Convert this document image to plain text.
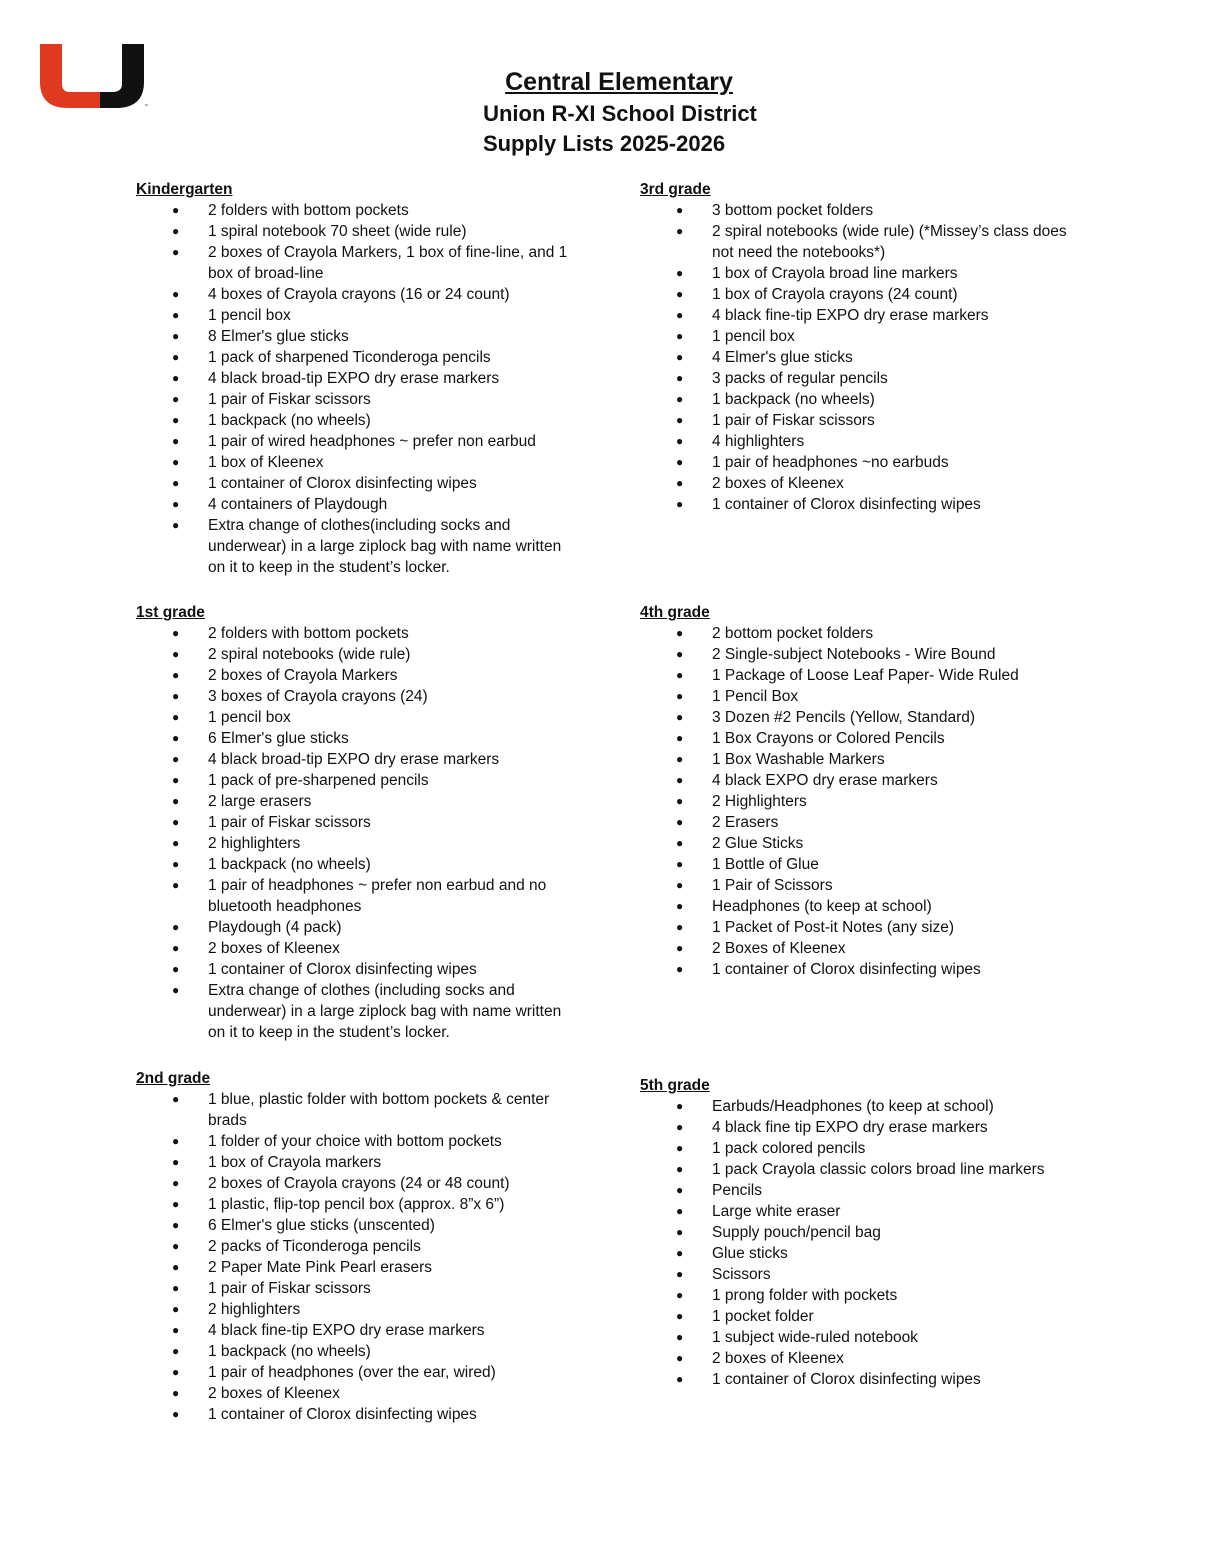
™
Central Elementary
Union R-XI School District
Supply Lists 2025-2026
Kindergarten
● 2 folders with bottom pockets
● 1 spiral notebook 70 sheet (wide rule)
● 2 boxes of Crayola Markers, 1 box of fine-line, and 1 box of broad-line
● 4 boxes of Crayola crayons (16 or 24 count)
● 1 pencil box
● 8 Elmer's glue sticks
● 1 pack of sharpened Ticonderoga pencils
● 4 black broad-tip EXPO dry erase markers
● 1 pair of Fiskar scissors
● 1 backpack (no wheels)
● 1 pair of wired headphones ~ prefer non earbud
● 1 box of Kleenex
● 1 container of Clorox disinfecting wipes
● 4 containers of Playdough
● Extra change of clothes(including socks and underwear) in a large ziplock bag with name written on it to keep in the student’s locker.
1st grade
● 2 folders with bottom pockets
● 2 spiral notebooks (wide rule)
● 2 boxes of Crayola Markers
● 3 boxes of Crayola crayons (24)
● 1 pencil box
● 6 Elmer's glue sticks
● 4 black broad-tip EXPO dry erase markers
● 1 pack of pre-sharpened pencils
● 2 large erasers
● 1 pair of Fiskar scissors
● 2 highlighters
● 1 backpack (no wheels)
● 1 pair of headphones ~ prefer non earbud and no bluetooth headphones
● Playdough (4 pack)
● 2 boxes of Kleenex
● 1 container of Clorox disinfecting wipes
● Extra change of clothes (including socks and underwear) in a large ziplock bag with name written on it to keep in the student’s locker.
2nd grade
● 1 blue, plastic folder with bottom pockets & center brads
● 1 folder of your choice with bottom pockets
● 1 box of Crayola markers
● 2 boxes of Crayola crayons (24 or 48 count)
● 1 plastic, flip-top pencil box (approx. 8”x 6”)
● 6 Elmer's glue sticks (unscented)
● 2 packs of Ticonderoga pencils
● 2 Paper Mate Pink Pearl erasers
● 1 pair of Fiskar scissors
● 2 highlighters
● 4 black fine-tip EXPO dry erase markers
● 1 backpack (no wheels)
● 1 pair of headphones (over the ear, wired)
● 2 boxes of Kleenex
● 1 container of Clorox disinfecting wipes
3rd grade
● 3 bottom pocket folders
● 2 spiral notebooks (wide rule) (*Missey’s class does not need the notebooks*)
● 1 box of Crayola broad line markers
● 1 box of Crayola crayons (24 count)
● 4 black fine-tip EXPO dry erase markers
● 1 pencil box
● 4 Elmer's glue sticks
● 3 packs of regular pencils
● 1 backpack (no wheels)
● 1 pair of Fiskar scissors
● 4 highlighters
● 1 pair of headphones ~no earbuds
● 2 boxes of Kleenex
● 1 container of Clorox disinfecting wipes
4th grade
● 2 bottom pocket folders
● 2 Single-subject Notebooks - Wire Bound
● 1 Package of Loose Leaf Paper- Wide Ruled
● 1 Pencil Box
● 3 Dozen #2 Pencils (Yellow, Standard)
● 1 Box Crayons or Colored Pencils
● 1 Box Washable Markers
● 4 black EXPO dry erase markers
● 2 Highlighters
● 2 Erasers
● 2 Glue Sticks
● 1 Bottle of Glue
● 1 Pair of Scissors
● Headphones (to keep at school)
● 1 Packet of Post-it Notes (any size)
● 2 Boxes of Kleenex
● 1 container of Clorox disinfecting wipes
5th grade
● Earbuds/Headphones (to keep at school)
● 4 black fine tip EXPO dry erase markers
● 1 pack colored pencils
● 1 pack Crayola classic colors broad line markers
● Pencils
● Large white eraser
● Supply pouch/pencil bag
● Glue sticks
● Scissors
● 1 prong folder with pockets
● 1 pocket folder
● 1 subject wide-ruled notebook
● 2 boxes of Kleenex
● 1 container of Clorox disinfecting wipes
